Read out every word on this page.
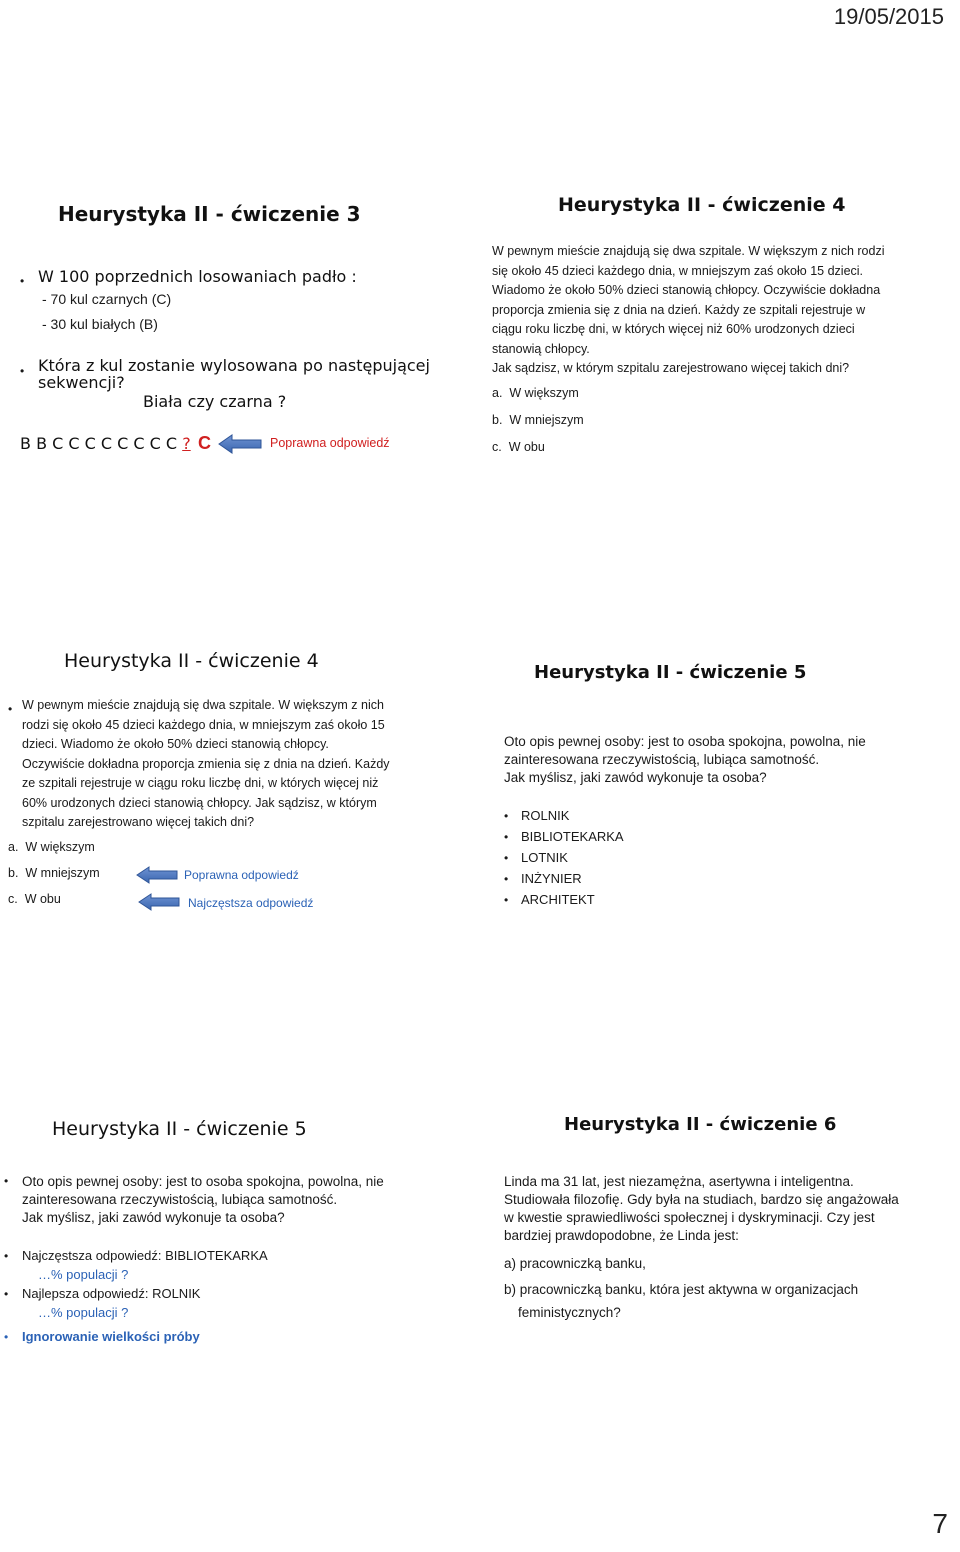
19/05/2015
7
Heurystyka II - ćwiczenie 3
• W 100 poprzednich losowaniach padło :
- 70 kul czarnych (C)
- 30 kul białych (B)
• Która z kul zostanie wylosowana po następującej
sekwencji?
Biała czy czarna ?
B B C C C C C C C C ? C	Poprawna odpowiedź
Heurystyka II - ćwiczenie 4
W pewnym mieście znajdują się dwa szpitale. W większym z nich rodzi
się około 45 dzieci każdego dnia, w mniejszym zaś około 15 dzieci.
Wiadomo że około 50% dzieci stanowią chłopcy. Oczywiście dokładna
proporcja zmienia się z dnia na dzień. Każdy ze szpitali rejestruje w
ciągu roku liczbę dni, w których więcej niż 60% urodzonych dzieci
stanowią chłopcy.
Jak sądzisz, w którym szpitalu zarejestrowano więcej takich dni?
a. W większym
b. W mniejszym
c. W obu
Heurystyka II - ćwiczenie 4
• W pewnym mieście znajdują się dwa szpitale. W większym z nich
rodzi się około 45 dzieci każdego dnia, w mniejszym zaś około 15
dzieci. Wiadomo że około 50% dzieci stanowią chłopcy.
Oczywiście dokładna proporcja zmienia się z dnia na dzień. Każdy
ze szpitali rejestruje w ciągu roku liczbę dni, w których więcej niż
60% urodzonych dzieci stanowią chłopcy. Jak sądzisz, w którym
szpitalu zarejestrowano więcej takich dni?
a. W większym
b. W mniejszym
c. W obu
Poprawna odpowiedź
Najczęstsza odpowiedź
Heurystyka II - ćwiczenie 5
Oto opis pewnej osoby: jest to osoba spokojna, powolna, nie
zainteresowana rzeczywistością, lubiąca samotność.
Jak myślisz, jaki zawód wykonuje ta osoba?
• ROLNIK
• BIBLIOTEKARKA
• LOTNIK
• INŻYNIER
• ARCHITEKT
Heurystyka II - ćwiczenie 5
• Oto opis pewnej osoby: jest to osoba spokojna, powolna, nie
zainteresowana rzeczywistością, lubiąca samotność.
Jak myślisz, jaki zawód wykonuje ta osoba?
• Najczęstsza odpowiedź: BIBLIOTEKARKA
…% populacji ?
• Najlepsza odpowiedź: ROLNIK
…% populacji ?
• Ignorowanie wielkości próby
Heurystyka II - ćwiczenie 6
Linda ma 31 lat, jest niezamężna, asertywna i inteligentna.
Studiowała filozofię. Gdy była na studiach, bardzo się angażowała
w kwestie sprawiedliwości społecznej i dyskryminacji. Czy jest
bardziej prawdopodobne, że Linda jest:
a) pracowniczką banku,
b) pracowniczką banku, która jest aktywna w organizacjach
feministycznych?
